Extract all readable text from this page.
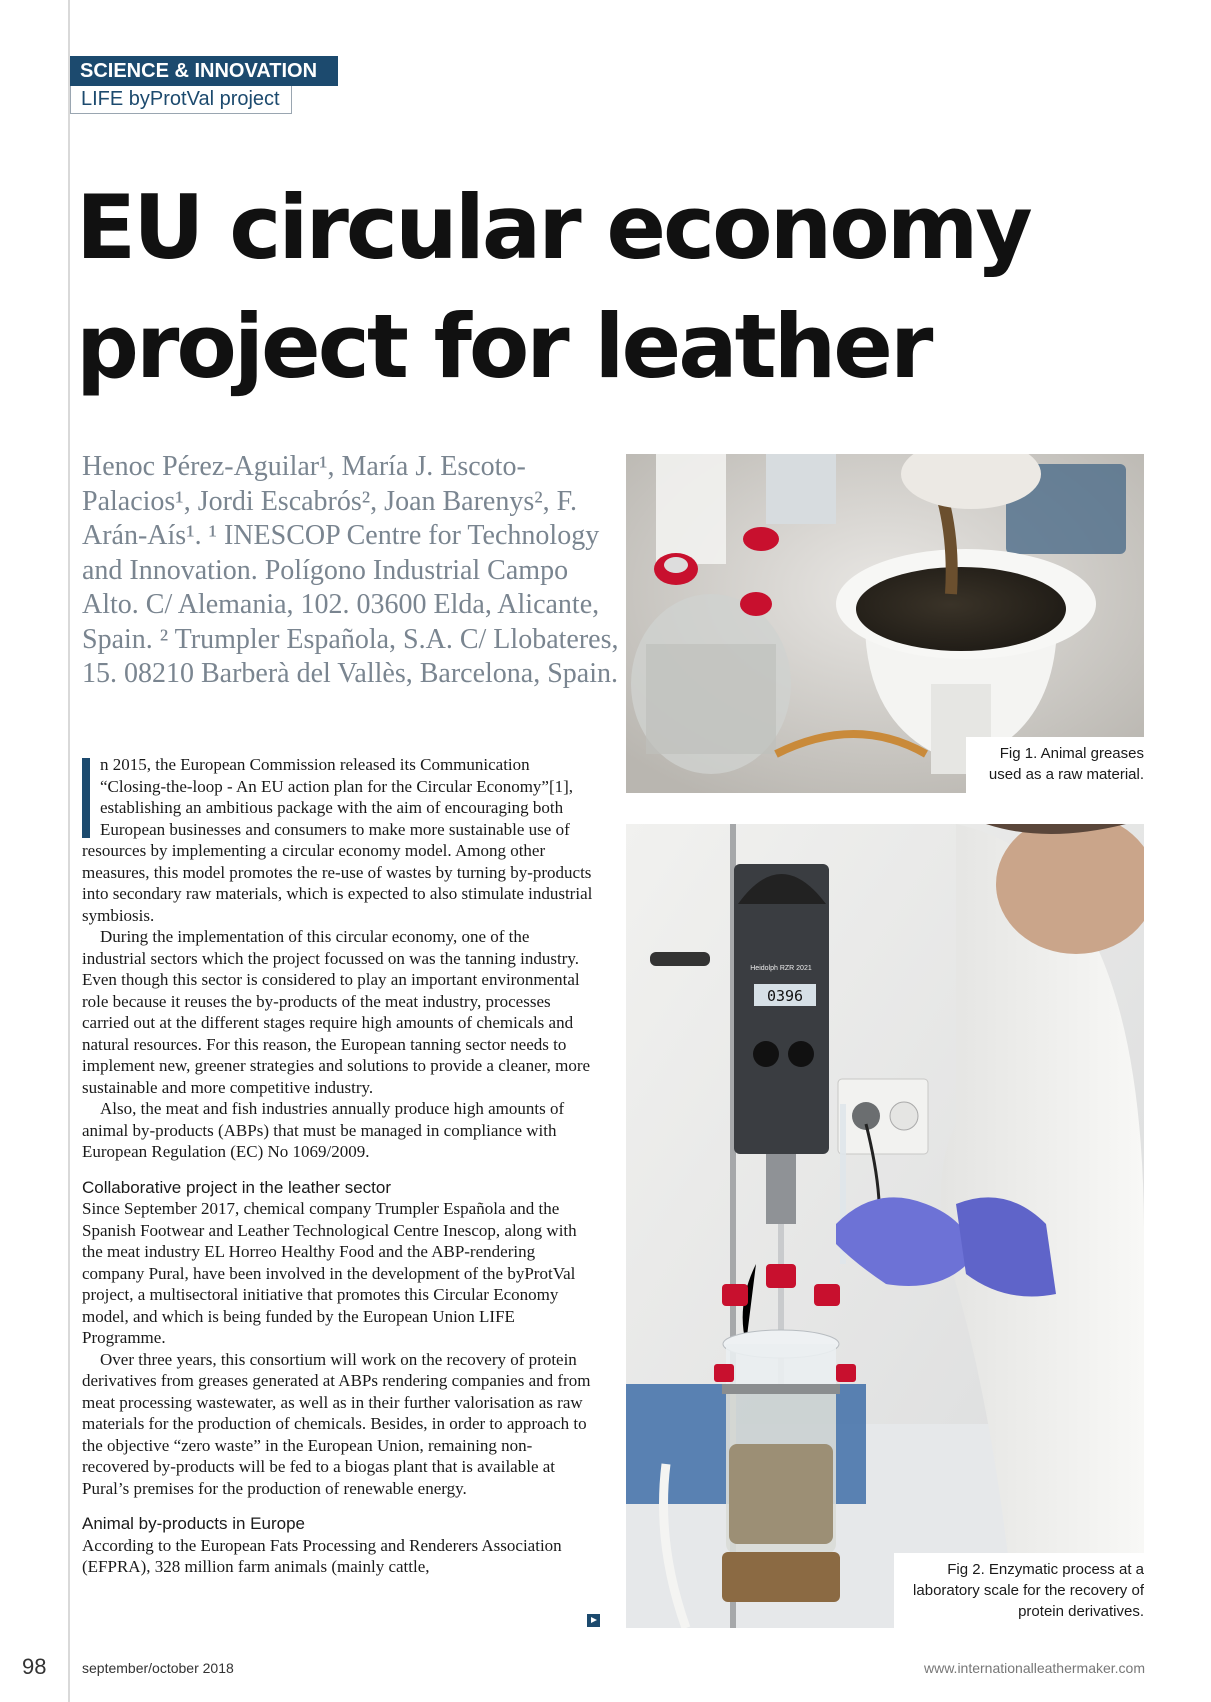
SCIENCE & INNOVATION
LIFE byProtVal project
EU circular economy
project for leather

Henoc Pérez-Aguilar¹, María J. Escoto-Palacios¹, Jordi Escabrós², Joan Barenys², F. Arán-Aís¹. ¹ INESCOP Centre for Technology and Innovation. Polígono Industrial Campo Alto. C/ Alemania, 102. 03600 Elda, Alicante, Spain. ² Trumpler Española, S.A. C/ Llobateres, 15. 08210 Barberà del Vallès, Barcelona, Spain.

n 2015, the European Commission released its Communication “Closing-the-loop - An EU action plan for the Circular Economy”[1], establishing an ambitious package with the aim of encouraging both European businesses and consumers to make more sustainable use of resources by implementing a circular economy model. Among other measures, this model promotes the re-use of wastes by turning by-products into secondary raw materials, which is expected to also stimulate industrial symbiosis.

During the implementation of this circular economy, one of the industrial sectors which the project focussed on was the tanning industry. Even though this sector is considered to play an important environmental role because it reuses the by-products of the meat industry, processes carried out at the different stages require high amounts of chemicals and natural resources. For this reason, the European tanning sector needs to implement new, greener strategies and solutions to provide a cleaner, more sustainable and more competitive industry.

Also, the meat and fish industries annually produce high amounts of animal by-products (ABPs) that must be managed in compliance with European Regulation (EC) No 1069/2009.

Collaborative project in the leather sector

Since September 2017, chemical company Trumpler Española and the Spanish Footwear and Leather Technological Centre Inescop, along with the meat industry EL Horreo Healthy Food and the ABP-rendering company Pural, have been involved in the development of the byProtVal project, a multisectoral initiative that promotes this Circular Economy model, and which is being funded by the European Union LIFE Programme.

Over three years, this consortium will work on the recovery of protein derivatives from greases generated at ABPs rendering companies and from meat processing wastewater, as well as in their further valorisation as raw materials for the production of chemicals. Besides, in order to approach to the objective “zero waste” in the European Union, remaining non-recovered by-products will be fed to a biogas plant that is available at Pural’s premises for the production of renewable energy.

Animal by-products in Europe

According to the European Fats Processing and Renderers Association (EFPRA), 328 million farm animals (mainly cattle,

Fig 1. Animal greases used as a raw material.
0396
Heidolph RZR 2021
Fig 2. Enzymatic process at a laboratory scale for the recovery of protein derivatives.
98	september/october 2018	www.internationalleathermaker.com
